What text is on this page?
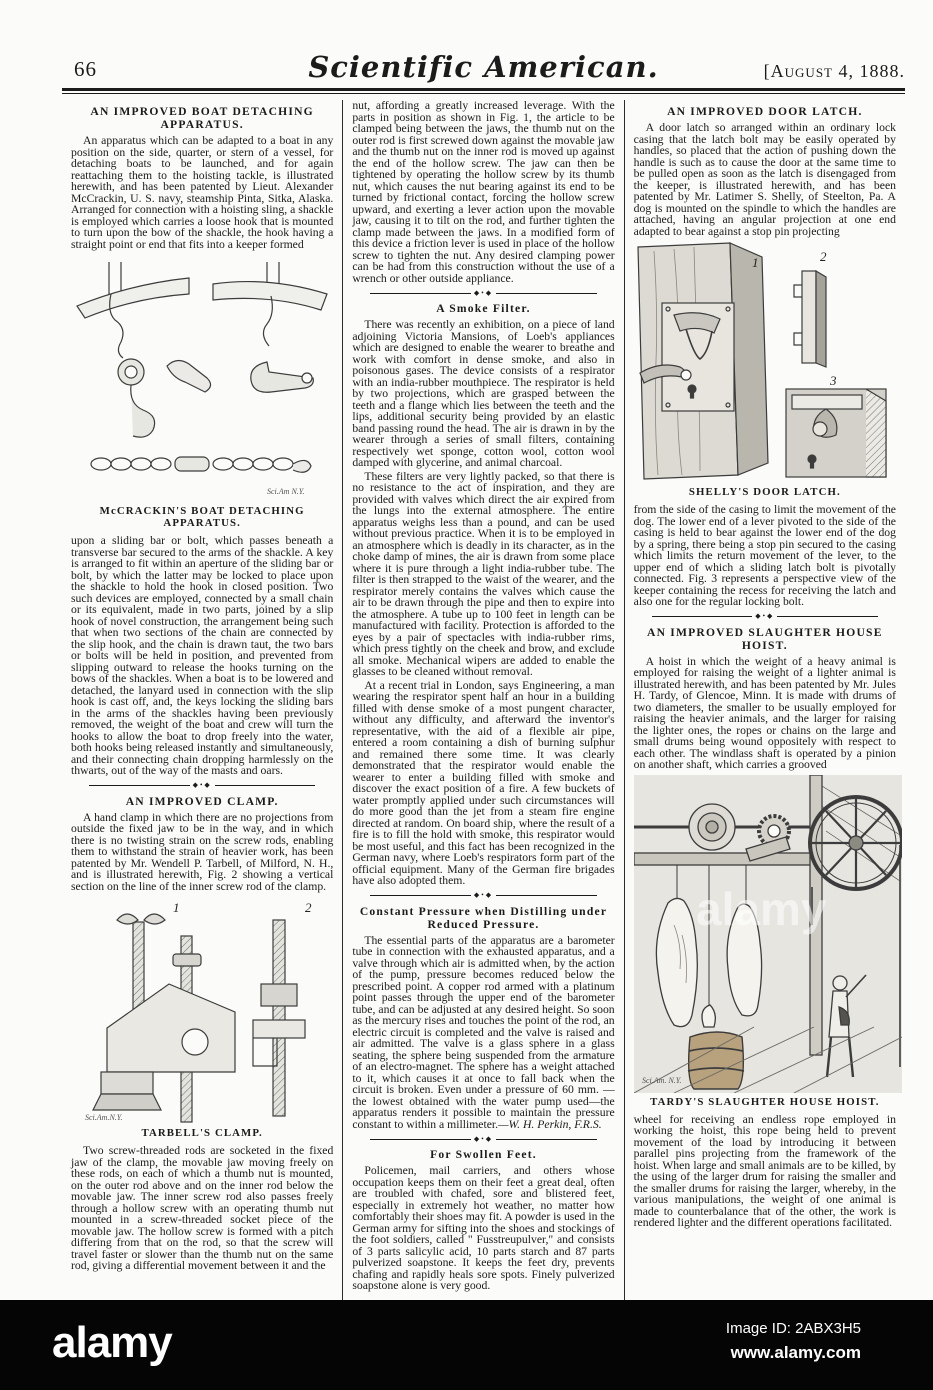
66	Scientific American.	[August 4, 1888.
AN IMPROVED BOAT DETACHING APPARATUS.

An apparatus which can be adapted to a boat in any position on the side, quarter, or stern of a vessel, for detaching boats to be launched, and for again reattaching them to the hoisting tackle, is illustrated herewith, and has been patented by Lieut. Alexander McCrackin, U. S. navy, steamship Pinta, Sitka, Alaska. Arranged for connection with a hoisting sling, a shackle is employed which carries a loose hook that is mounted to turn upon the bow of the shackle, the hook having a straight point or end that fits into a keeper formed

Sci.Am N.Y.
McCRACKIN'S BOAT DETACHING APPARATUS.

upon a sliding bar or bolt, which passes beneath a transverse bar secured to the arms of the shackle. A key is arranged to fit within an aperture of the sliding bar or bolt, by which the latter may be locked to place upon the shackle to hold the hook in closed position. Two such devices are employed, connected by a small chain or its equivalent, made in two parts, joined by a slip hook of novel construction, the arrangement being such that when two sections of the chain are connected by the slip hook, and the chain is drawn taut, the two bars or bolts will be held in position, and prevented from slipping outward to release the hooks turning on the bows of the shackles. When a boat is to be lowered and detached, the lanyard used in connection with the slip hook is cast off, and, the keys locking the sliding bars in the arms of the shackles having been previously removed, the weight of the boat and crew will turn the hooks to allow the boat to drop freely into the water, both hooks being released instantly and simultaneously, and their connecting chain dropping harmlessly on the thwarts, out of the way of the masts and oars.

◆•◆
AN IMPROVED CLAMP.

A hand clamp in which there are no projections from outside the fixed jaw to be in the way, and in which there is no twisting strain on the screw rods, enabling them to withstand the strain of heavier work, has been patented by Mr. Wendell P. Tarbell, of Milford, N. H., and is illustrated herewith, Fig. 2 showing a vertical section on the line of the inner screw rod of the clamp.

1	2
Sci.Am.N.Y.
TARBELL'S CLAMP.

Two screw-threaded rods are socketed in the fixed jaw of the clamp, the movable jaw moving freely on these rods, on each of which a thumb nut is mounted, on the outer rod above and on the inner rod below the movable jaw. The inner screw rod also passes freely through a hollow screw with an operating thumb nut mounted in a screw-threaded socket piece of the movable jaw. The hollow screw is formed with a pitch differing from that on the rod, so that the screw will travel faster or slower than the thumb nut on the same rod, giving a differential movement between it and the

nut, affording a greatly increased leverage. With the parts in position as shown in Fig. 1, the article to be clamped being between the jaws, the thumb nut on the outer rod is first screwed down against the movable jaw and the thumb nut on the inner rod is moved up against the end of the hollow screw. The jaw can then be tightened by operating the hollow screw by its thumb nut, which causes the nut bearing against its end to be turned by frictional contact, forcing the hollow screw upward, and exerting a lever action upon the movable jaw, causing it to tilt on the rod, and further tighten the clamp made between the jaws. In a modified form of this device a friction lever is used in place of the hollow screw to tighten the nut. Any desired clamping power can be had from this construction without the use of a wrench or other outside appliance.

◆•◆
A Smoke Filter.

There was recently an exhibition, on a piece of land adjoining Victoria Mansions, of Loeb's appliances which are designed to enable the wearer to breathe and work with comfort in dense smoke, and also in poisonous gases. The device consists of a respirator with an india-rubber mouthpiece. The respirator is held by two projections, which are grasped between the teeth and a flange which lies between the teeth and the lips, additional security being provided by an elastic band passing round the head. The air is drawn in by the wearer through a series of small filters, containing respectively wet sponge, cotton wool, cotton wool damped with glycerine, and animal charcoal.

These filters are very lightly packed, so that there is no resistance to the act of inspiration, and they are provided with valves which direct the air expired from the lungs into the external atmosphere. The entire apparatus weighs less than a pound, and can be used without previous practice. When it is to be employed in an atmosphere which is deadly in its character, as in the choke damp of mines, the air is drawn from some place where it is pure through a light india-rubber tube. The filter is then strapped to the waist of the wearer, and the respirator merely contains the valves which cause the air to be drawn through the pipe and then to expire into the atmosphere. A tube up to 100 feet in length can be manufactured with facility. Protection is afforded to the eyes by a pair of spectacles with india-rubber rims, which press tightly on the cheek and brow, and exclude all smoke. Mechanical wipers are added to enable the glasses to be cleaned without removal.

At a recent trial in London, says Engineering, a man wearing the respirator spent half an hour in a building filled with dense smoke of a most pungent character, without any difficulty, and afterward the inventor's representative, with the aid of a flexible air pipe, entered a room containing a dish of burning sulphur and remained there some time. It was clearly demonstrated that the respirator would enable the wearer to enter a building filled with smoke and discover the exact position of a fire. A few buckets of water promptly applied under such circumstances will do more good than the jet from a steam fire engine directed at random. On board ship, where the result of a fire is to fill the hold with smoke, this respirator would be most useful, and this fact has been recognized in the German navy, where Loeb's respirators form part of the official equipment. Many of the German fire brigades have also adopted them.

◆•◆
Constant Pressure when Distilling under Reduced Pressure.

The essential parts of the apparatus are a barometer tube in connection with the exhausted apparatus, and a valve through which air is admitted when, by the action of the pump, pressure becomes reduced below the prescribed point. A copper rod armed with a platinum point passes through the upper end of the barometer tube, and can be adjusted at any desired height. So soon as the mercury rises and touches the point of the rod, an electric circuit is completed and the valve is raised and air admitted. The valve is a glass sphere in a glass seating, the sphere being suspended from the armature of an electro-magnet. The sphere has a weight attached to it, which causes it at once to fall back when the circuit is broken. Even under a pressure of 60 mm. —the lowest obtained with the water pump used—the apparatus renders it possible to maintain the pressure constant to within a millimeter.—W. H. Perkin, F.R.S.

◆•◆
For Swollen Feet.

Policemen, mail carriers, and others whose occupation keeps them on their feet a great deal, often are troubled with chafed, sore and blistered feet, especially in extremely hot weather, no matter how comfortably their shoes may fit. A powder is used in the German army for sifting into the shoes and stockings of the foot soldiers, called " Fusstreupulver," and consists of 3 parts salicylic acid, 10 parts starch and 87 parts pulverized soapstone. It keeps the feet dry, prevents chafing and rapidly heals sore spots. Finely pulverized soapstone alone is very good.

AN IMPROVED DOOR LATCH.

A door latch so arranged within an ordinary lock casing that the latch bolt may be easily operated by handles, so placed that the action of pushing down the handle is such as to cause the door at the same time to be pulled open as soon as the latch is disengaged from the keeper, is illustrated herewith, and has been patented by Mr. Latimer S. Shelly, of Steelton, Pa. A dog is mounted on the spindle to which the handles are attached, having an angular projection at one end adapted to bear against a stop pin projecting

1	2
3
SHELLY'S DOOR LATCH.

from the side of the casing to limit the movement of the dog. The lower end of a lever pivoted to the side of the casing is held to bear against the lower end of the dog by a spring, there being a stop pin secured to the casing which limits the return movement of the lever, to the upper end of which a sliding latch bolt is pivotally connected. Fig. 3 represents a perspective view of the keeper containing the recess for receiving the latch and also one for the regular locking bolt.

◆•◆
AN IMPROVED SLAUGHTER HOUSE HOIST.

A hoist in which the weight of a heavy animal is employed for raising the weight of a lighter animal is illustrated herewith, and has been patented by Mr. Jules H. Tardy, of Glencoe, Minn. It is made with drums of two diameters, the smaller to be usually employed for raising the heavier animals, and the larger for raising the lighter ones, the ropes or chains on the large and small drums being wound oppositely with respect to each other. The windlass shaft is operated by a pinion on another shaft, which carries a grooved

alamy
Sci.Am. N.Y.
TARDY'S SLAUGHTER HOUSE HOIST.

wheel for receiving an endless rope employed in working the hoist, this rope being held to prevent movement of the load by introducing it between parallel pins projecting from the framework of the hoist. When large and small animals are to be killed, by the using of the larger drum for raising the smaller and the smaller drums for raising the larger, whereby, in the various manipulations, the weight of one animal is made to counterbalance that of the other, the work is rendered lighter and the different operations facilitated.

alamy	Image ID: 2ABX3H5
www.alamy.com
